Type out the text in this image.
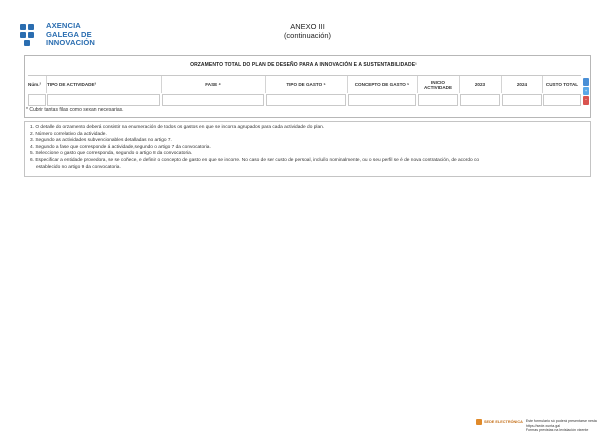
AXENCIA
GALEGA DE
INNOVACIÓN
ANEXO III
(continuación)
ORZAMENTO TOTAL DO PLAN DE DESEÑO PARA A INNOVACIÓN E A SUSTENTABILIDADE¹
Núm.²	TIPO DE ACTIVIDADE³	FASE ⁴	TIPO DE GASTO ⁵	CONCEPTO DE GASTO ⁶	INICIO ACTIVIDADE	2023	2024	CUSTO TOTAL
+
−
* Cubrir tantas filas como sexan necesarias.
1. O detalle do orzamento deberá consistir na enumeración de todos os gastos en que se incorra agrupados para cada actividade do plan.
2. Número correlativo da actividade.
3. Segundo as actividades subvencionables detalladas no artigo 7.
4. Segundo a fase que corresponde á actividade,segundo o artigo 7 da convocatoria.
5. Seleccione o gasto que corresponda, segundo o artigo 8 da convocatoria.
6. Especificar a entidade provedora, se se coñece, e definir o concepto de gasto en que se incorre. No caso de ser custo de persoal, incluílo nominalmente, ou o seu perfil se é de nova contratación, de acordo co
establecido no artigo 9 da convocatoria.
SEDE ELECTRÓNICA Este formulario só poderá presentarse nesta
https://sede.xunta.gal
Formas previstas na lexislación vixente
